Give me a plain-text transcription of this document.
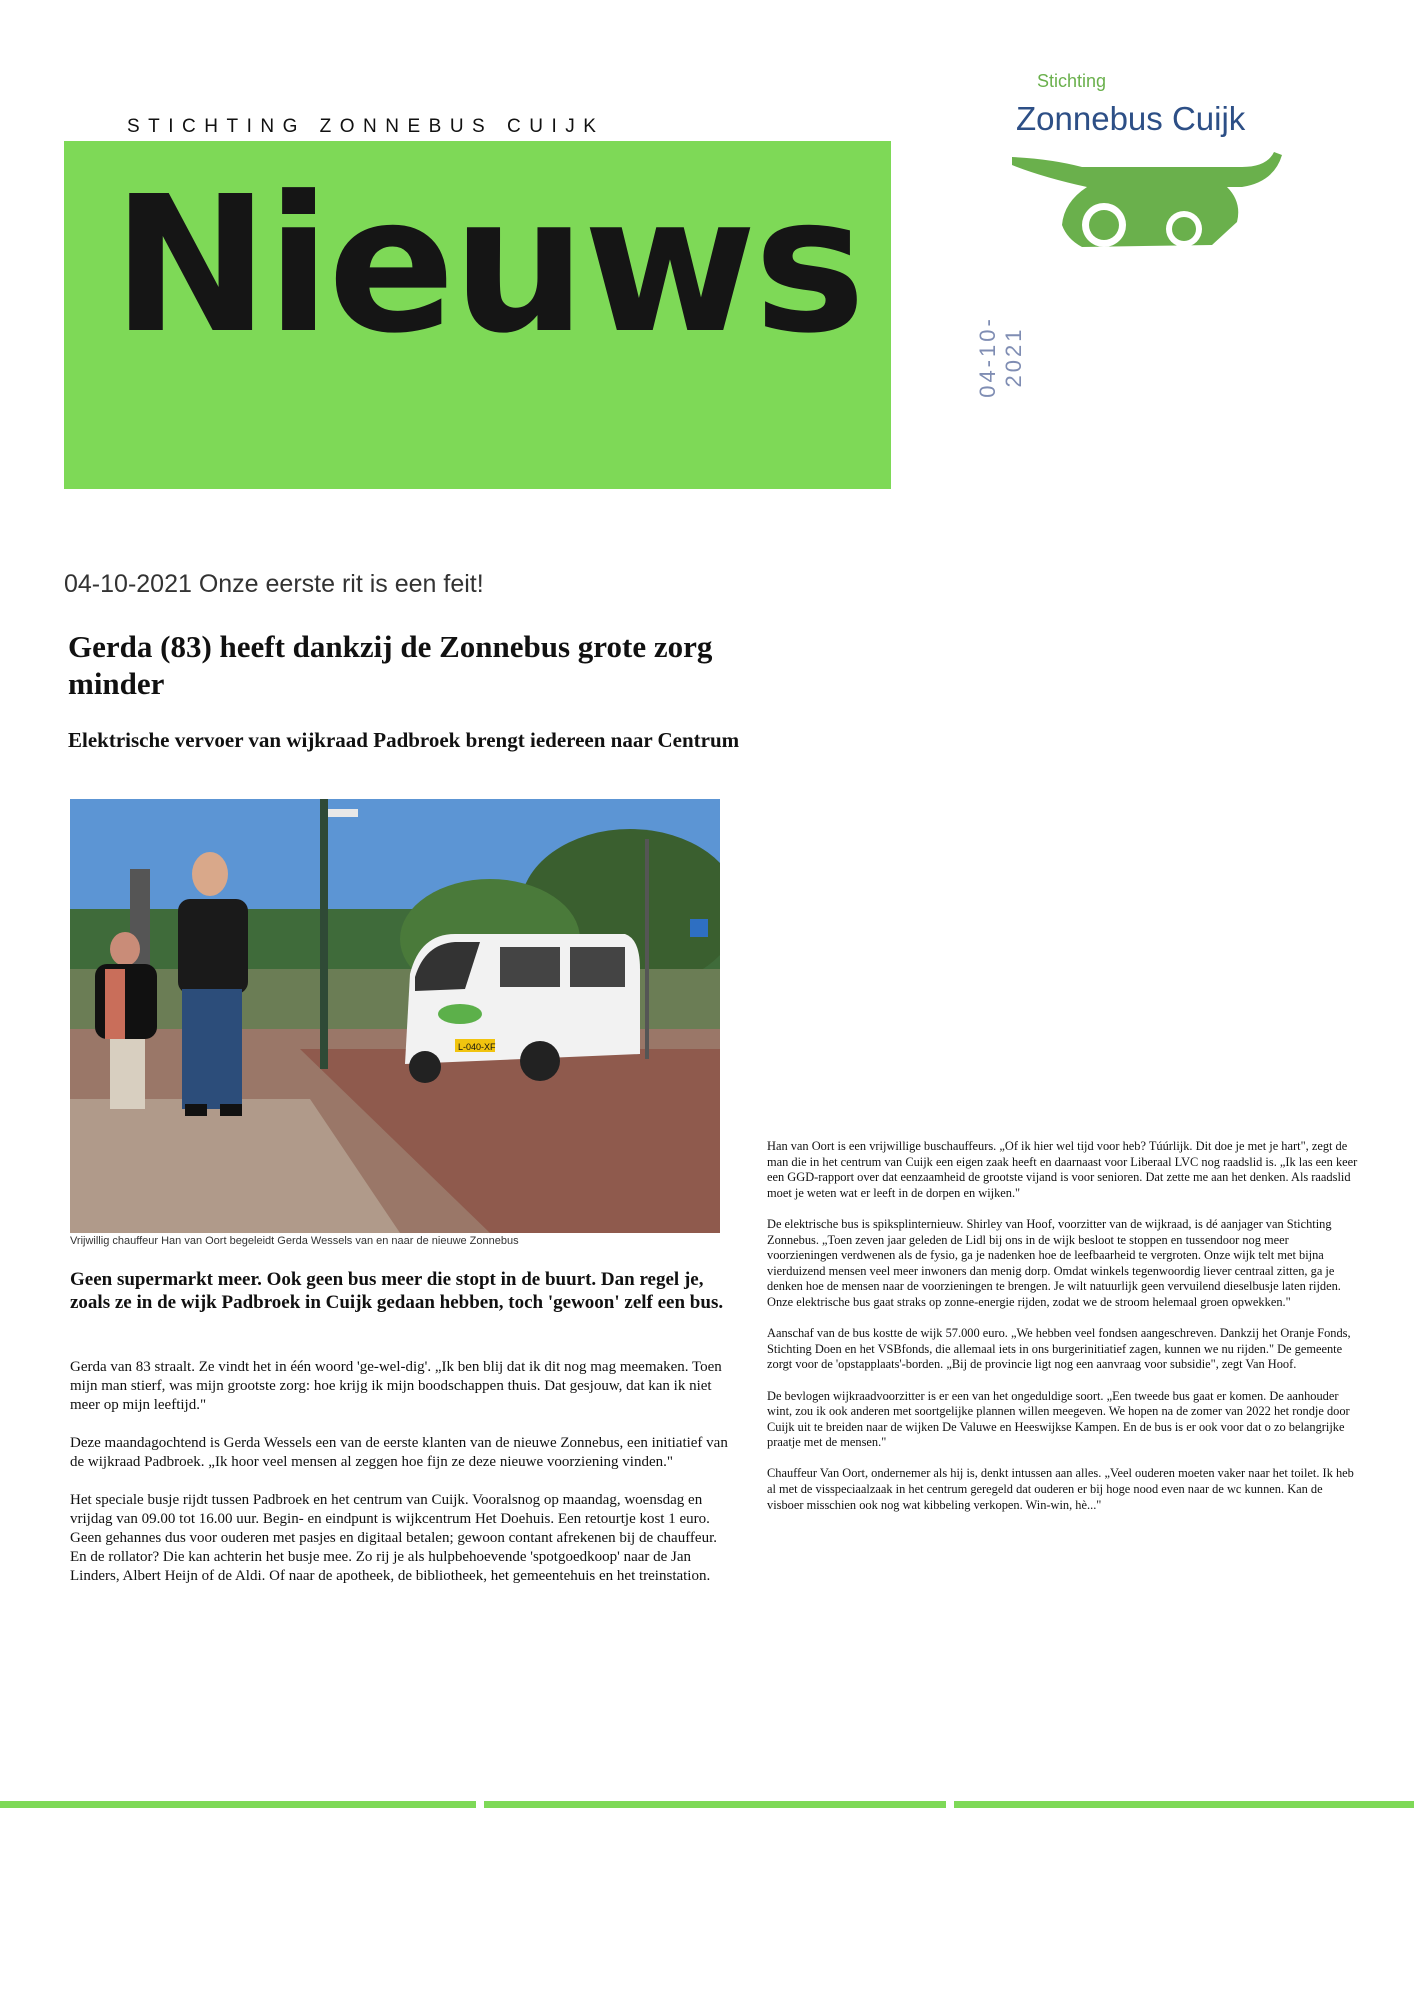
STICHTING ZONNEBUS CUIJK
Nieuws	04-10-2021
Stichting
Zonnebus Cuijk
04-10-2021 Onze eerste rit is een feit!
Gerda (83) heeft dankzij de Zonnebus grote zorg minder
Elektrische vervoer van wijkraad Padbroek brengt iedereen naar Centrum
L-040-XF
Vrijwillig chauffeur Han van Oort begeleidt Gerda Wessels van en naar de nieuwe Zonnebus
Geen supermarkt meer. Ook geen bus meer die stopt in de buurt. Dan regel je, zoals ze in de wijk Padbroek in Cuijk gedaan hebben, toch 'gewoon' zelf een bus.

Gerda van 83 straalt. Ze vindt het in één woord 'ge-wel-dig'. „Ik ben blij dat ik dit nog mag meemaken. Toen mijn man stierf, was mijn grootste zorg: hoe krijg ik mijn boodschappen thuis. Dat gesjouw, dat kan ik niet meer op mijn leeftijd."

Deze maandagochtend is Gerda Wessels een van de eerste klanten van de nieuwe Zonnebus, een initiatief van de wijkraad Padbroek. „Ik hoor veel mensen al zeggen hoe fijn ze deze nieuwe voorziening vinden."

Het speciale busje rijdt tussen Padbroek en het centrum van Cuijk. Vooralsnog op maandag, woensdag en vrijdag van 09.00 tot 16.00 uur. Begin- en eindpunt is wijkcentrum Het Doehuis. Een retourtje kost 1 euro. Geen gehannes dus voor ouderen met pasjes en digitaal betalen; gewoon contant afrekenen bij de chauffeur. En de rollator? Die kan achterin het busje mee. Zo rij je als hulpbehoevende 'spotgoedkoop' naar de Jan Linders, Albert Heijn of de Aldi. Of naar de apotheek, de bibliotheek, het gemeentehuis en het treinstation.

Han van Oort is een vrijwillige buschauffeurs. „Of ik hier wel tijd voor heb? Túúrlijk. Dit doe je met je hart", zegt de man die in het centrum van Cuijk een eigen zaak heeft en daarnaast voor Liberaal LVC nog raadslid is. „Ik las een keer een GGD-rapport over dat eenzaamheid de grootste vijand is voor senioren. Dat zette me aan het denken. Als raadslid moet je weten wat er leeft in de dorpen en wijken."

De elektrische bus is spiksplinternieuw. Shirley van Hoof, voorzitter van de wijkraad, is dé aanjager van Stichting Zonnebus. „Toen zeven jaar geleden de Lidl bij ons in de wijk besloot te stoppen en tussendoor nog meer voorzieningen verdwenen als de fysio, ga je nadenken hoe de leefbaarheid te vergroten. Onze wijk telt met bijna vierduizend mensen veel meer inwoners dan menig dorp. Omdat winkels tegenwoordig liever centraal zitten, ga je denken hoe de mensen naar de voorzieningen te brengen. Je wilt natuurlijk geen vervuilend dieselbusje laten rijden. Onze elektrische bus gaat straks op zonne-energie rijden, zodat we de stroom helemaal groen opwekken."

Aanschaf van de bus kostte de wijk 57.000 euro. „We hebben veel fondsen aangeschreven. Dankzij het Oranje Fonds, Stichting Doen en het VSBfonds, die allemaal iets in ons burgerinitiatief zagen, kunnen we nu rijden." De gemeente zorgt voor de 'opstapplaats'-borden. „Bij de provincie ligt nog een aanvraag voor subsidie", zegt Van Hoof.

De bevlogen wijkraadvoorzitter is er een van het ongeduldige soort. „Een tweede bus gaat er komen. De aanhouder wint, zou ik ook anderen met soortgelijke plannen willen meegeven. We hopen na de zomer van 2022 het rondje door Cuijk uit te breiden naar de wijken De Valuwe en Heeswijkse Kampen. En de bus is er ook voor dat o zo belangrijke praatje met de mensen."

Chauffeur Van Oort, ondernemer als hij is, denkt intussen aan alles. „Veel ouderen moeten vaker naar het toilet. Ik heb al met de visspeciaalzaak in het centrum geregeld dat ouderen er bij hoge nood even naar de wc kunnen. Kan de visboer misschien ook nog wat kibbeling verkopen. Win-win, hè..."
